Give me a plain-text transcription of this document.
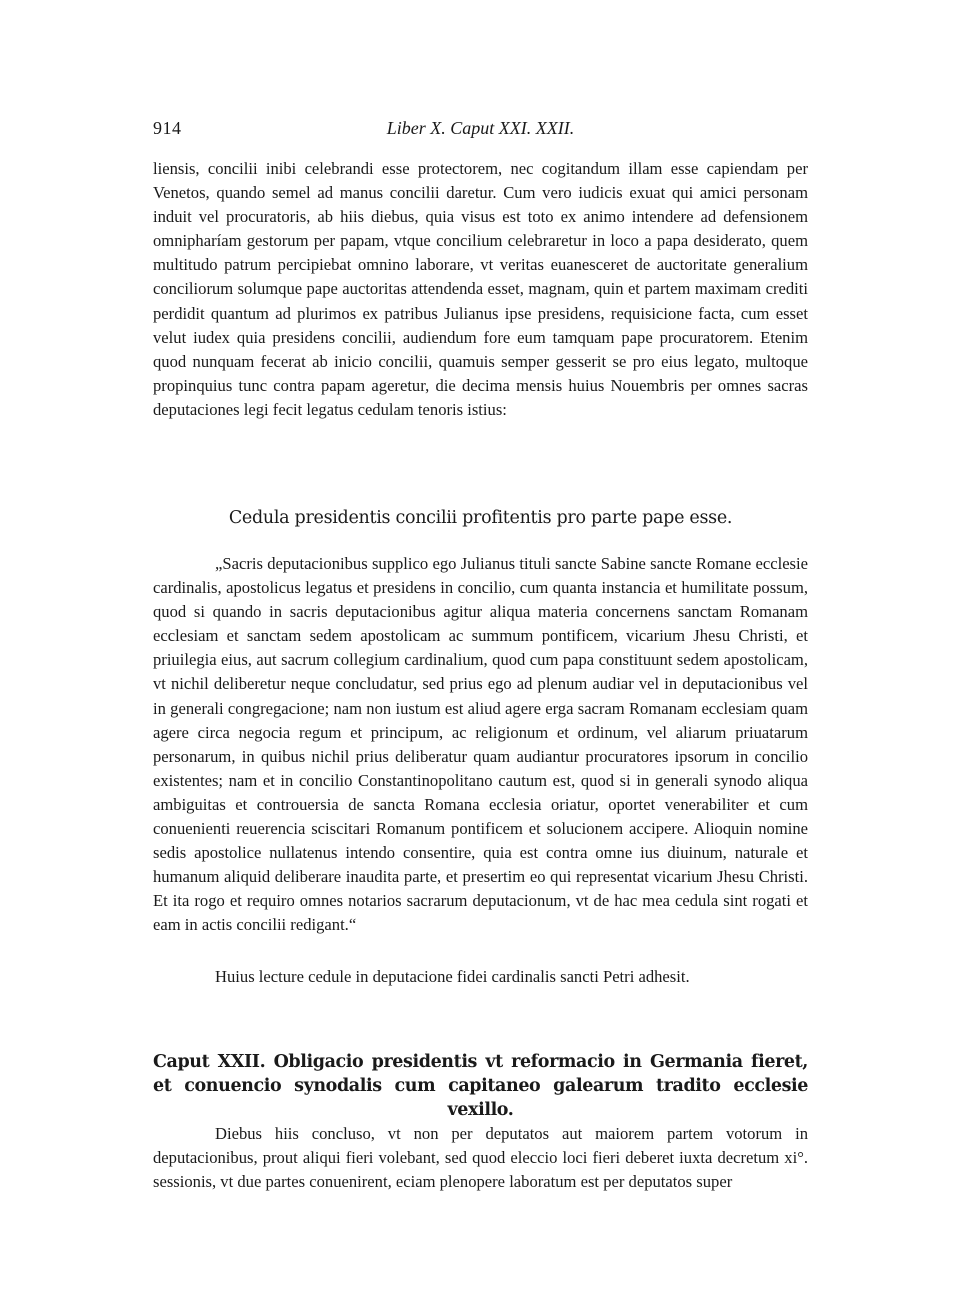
914	Liber X. Caput XXI. XXII.
liensis, concilii inibi celebrandi esse protectorem, nec cogitandum illam esse capiendam per Venetos, quando semel ad manus concilii daretur. Cum vero iudicis exuat qui amici personam induit vel procuratoris, ab hiis diebus, quia visus est toto ex animo intendere ad defensionem omnipharíam gestorum per papam, vtque concilium celebraretur in loco a papa desiderato, quem multitudo patrum percipiebat omnino laborare, vt veritas euanesceret de auctoritate generalium conciliorum solumque pape auctoritas attendenda esset, magnam, quin et partem maximam crediti perdidit quantum ad plurimos ex patribus Julianus ipse presidens, requisicione facta, cum esset velut iudex quia presidens concilii, audiendum fore eum tamquam pape procuratorem. Etenim quod nunquam fecerat ab inicio concilii, quamuis semper gesserit se pro eius legato, multoque propinquius tunc contra papam ageretur, die decima mensis huius Nouembris per omnes sacras deputaciones legi fecit legatus cedulam tenoris istius:
Cedula presidentis concilii profitentis pro parte pape esse.
„Sacris deputacionibus supplico ego Julianus tituli sancte Sabine sancte Romane ecclesie cardinalis, apostolicus legatus et presidens in concilio, cum quanta instancia et humilitate possum, quod si quando in sacris deputacionibus agitur aliqua materia concernens sanctam Romanam ecclesiam et sanctam sedem apostolicam ac summum pontificem, vicarium Jhesu Christi, et priuilegia eius, aut sacrum collegium cardinalium, quod cum papa constituunt sedem apostolicam, vt nichil deliberetur neque concludatur, sed prius ego ad plenum audiar vel in deputacionibus vel in generali congregacione; nam non iustum est aliud agere erga sacram Romanam ecclesiam quam agere circa negocia regum et principum, ac religionum et ordinum, vel aliarum priuatarum personarum, in quibus nichil prius deliberatur quam audiantur procuratores ipsorum in concilio existentes; nam et in concilio Constantinopolitano cautum est, quod si in generali synodo aliqua ambiguitas et controuersia de sancta Romana ecclesia oriatur, oportet venerabiliter et cum conuenienti reuerencia sciscitari Romanum pontificem et solucionem accipere. Alioquin nomine sedis apostolice nullatenus intendo consentire, quia est contra omne ius diuinum, naturale et humanum aliquid deliberare inaudita parte, et presertim eo qui representat vicarium Jhesu Christi. Et ita rogo et requiro omnes notarios sacrarum deputacionum, vt de hac mea cedula sint rogati et eam in actis concilii redigant.“
Huius lecture cedule in deputacione fidei cardinalis sancti Petri adhesit.
Caput XXII. Obligacio presidentis vt reformacio in Germania fieret, et conuencio synodalis cum capitaneo galearum tradito ecclesie vexillo.
Diebus hiis concluso, vt non per deputatos aut maiorem partem votorum in deputacionibus, prout aliqui fieri volebant, sed quod eleccio loci fieri deberet iuxta decretum xi°. sessionis, vt due partes conuenirent, eciam plenopere laboratum est per deputatos super
